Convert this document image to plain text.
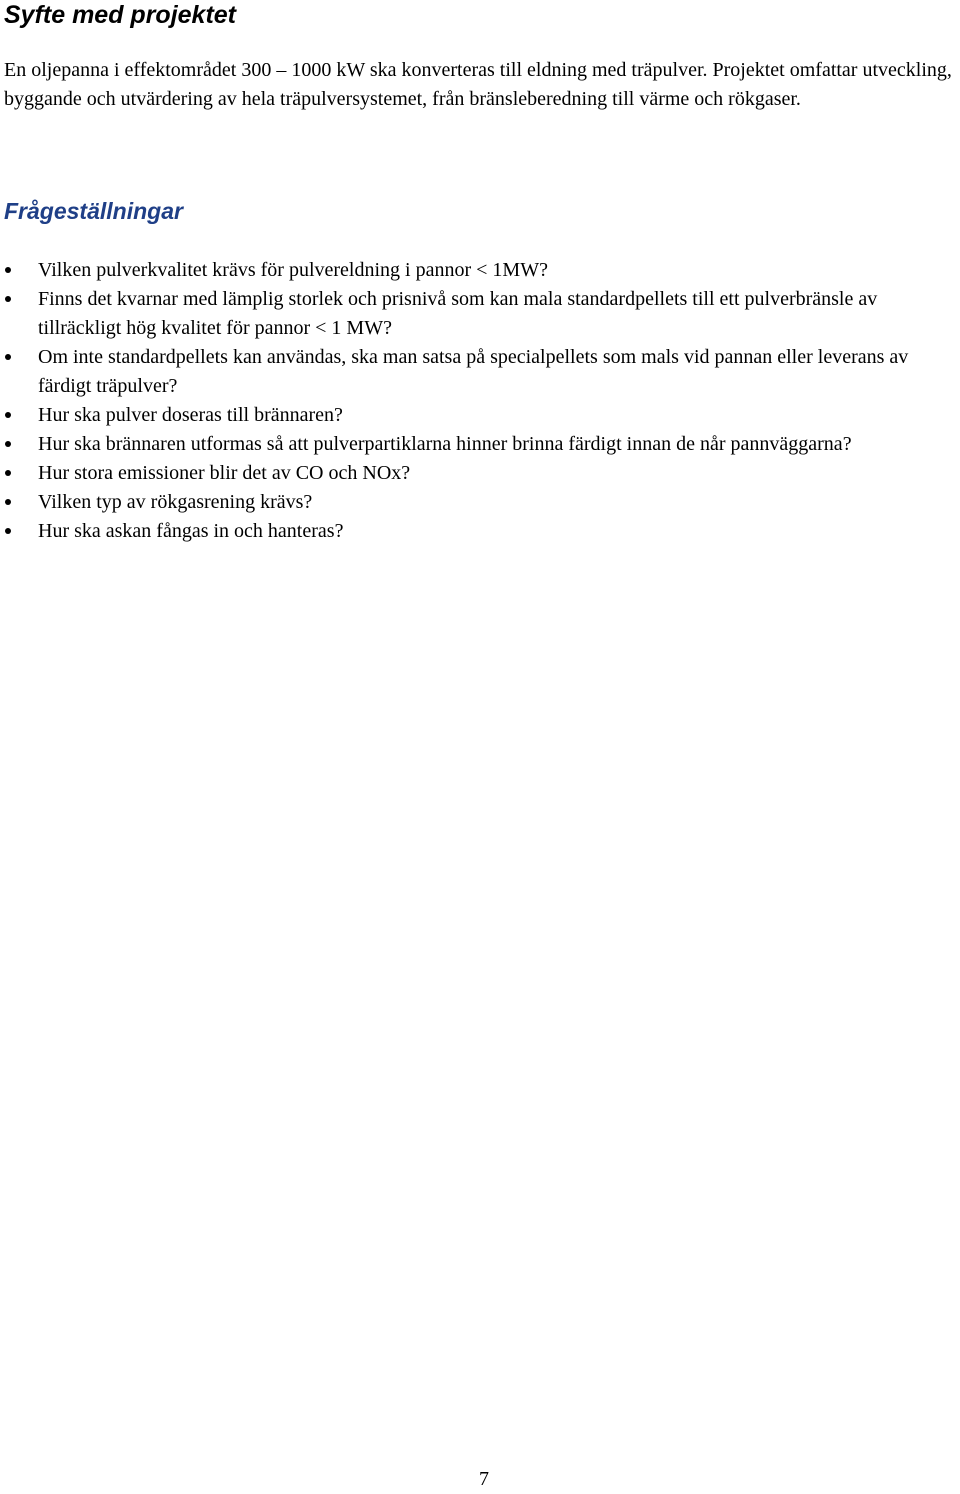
Syfte med projektet

En oljepanna i effektområdet 300 – 1000 kW ska konverteras till eldning med träpulver. Projektet omfattar utveckling, byggande och utvärdering av hela träpulversystemet, från bränsleberedning till värme och rökgaser.

Frågeställningar
Vilken pulverkvalitet krävs för pulvereldning i pannor < 1MW?
Finns det kvarnar med lämplig storlek och prisnivå som kan mala standardpellets till ett pulverbränsle av tillräckligt hög kvalitet för pannor < 1 MW?
Om inte standardpellets kan användas, ska man satsa på specialpellets som mals vid pannan eller leverans av färdigt träpulver?
Hur ska pulver doseras till brännaren?
Hur ska brännaren utformas så att pulverpartiklarna hinner brinna färdigt innan de når pannväggarna?
Hur stora emissioner blir det av CO och NOx?
Vilken typ av rökgasrening krävs?
Hur ska askan fångas in och hanteras?
7
